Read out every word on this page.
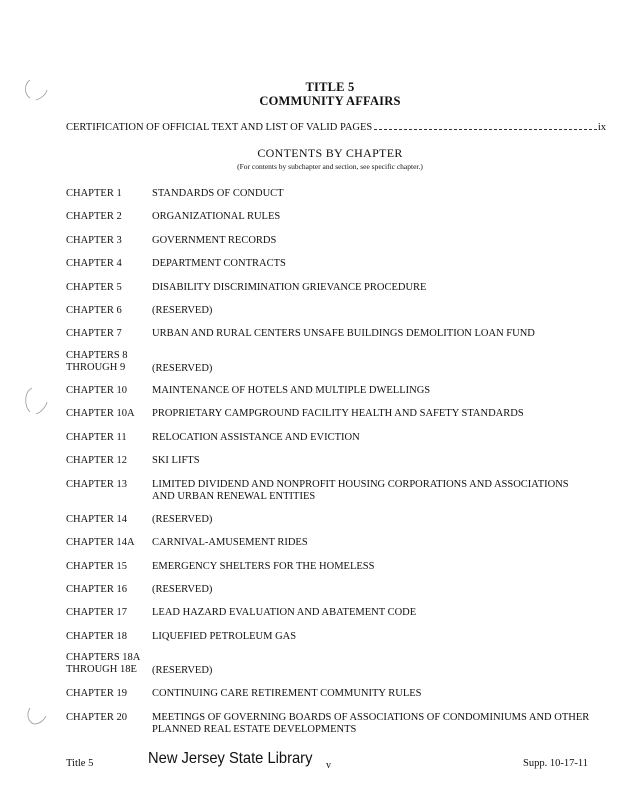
TITLE 5
COMMUNITY AFFAIRS
CERTIFICATION OF OFFICIAL TEXT AND LIST OF VALID PAGES	ix
CONTENTS BY CHAPTER
(For contents by subchapter and section, see specific chapter.)
CHAPTER 1	STANDARDS OF CONDUCT
CHAPTER 2	ORGANIZATIONAL RULES
CHAPTER 3	GOVERNMENT RECORDS
CHAPTER 4	DEPARTMENT CONTRACTS
CHAPTER 5	DISABILITY DISCRIMINATION GRIEVANCE PROCEDURE
CHAPTER 6	(RESERVED)
CHAPTER 7	URBAN AND RURAL CENTERS UNSAFE BUILDINGS DEMOLITION LOAN FUND
CHAPTERS 8
THROUGH 9	(RESERVED)
CHAPTER 10 MAINTENANCE OF HOTELS AND MULTIPLE DWELLINGS
CHAPTER 10A PROPRIETARY CAMPGROUND FACILITY HEALTH AND SAFETY STANDARDS
CHAPTER 11 RELOCATION ASSISTANCE AND EVICTION
CHAPTER 12 SKI LIFTS
CHAPTER 13 LIMITED DIVIDEND AND NONPROFIT HOUSING CORPORATIONS AND ASSOCIATIONS AND URBAN RENEWAL ENTITIES
CHAPTER 14 (RESERVED)
CHAPTER 14A CARNIVAL-AMUSEMENT RIDES
CHAPTER 15 EMERGENCY SHELTERS FOR THE HOMELESS
CHAPTER 16 (RESERVED)
CHAPTER 17 LEAD HAZARD EVALUATION AND ABATEMENT CODE
CHAPTER 18 LIQUEFIED PETROLEUM GAS
CHAPTERS 18A
THROUGH 18E	(RESERVED)
CHAPTER 19 CONTINUING CARE RETIREMENT COMMUNITY RULES
CHAPTER 20 MEETINGS OF GOVERNING BOARDS OF ASSOCIATIONS OF CONDOMINIUMS AND OTHER PLANNED REAL ESTATE DEVELOPMENTS
Title 5	New Jersey State Library v	Supp. 10-17-11
